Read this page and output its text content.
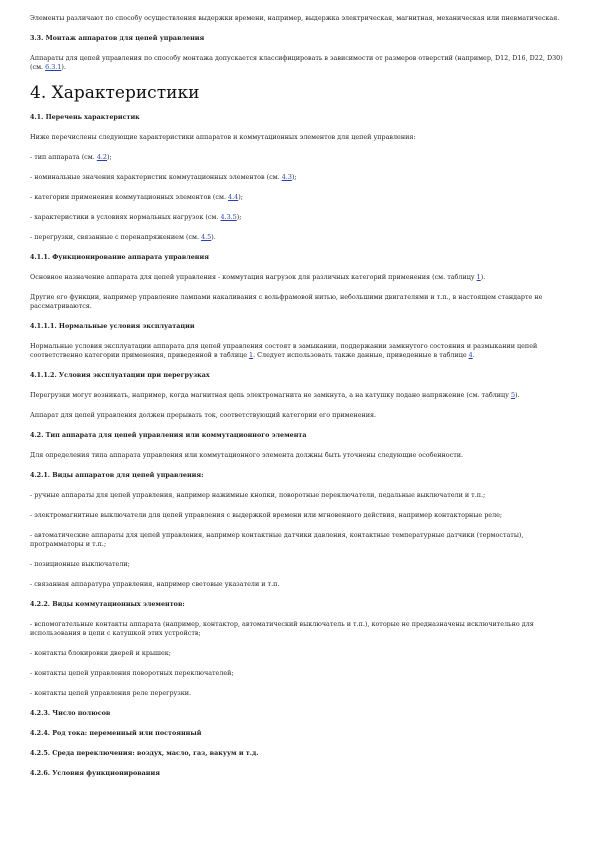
Элементы различают по способу осуществления выдержки времени, например, выдержка электрическая, магнитная, механическая или пневматическая.
3.3. Монтаж аппаратов для цепей управления
Аппараты для цепей управления по способу монтажа допускается классифицировать в зависимости от размеров отверстий (например, D12, D16, D22, D30) (см. 6.3.1).
4. Характеристики
4.1. Перечень характеристик
Ниже перечислены следующие характеристики аппаратов и коммутационных элементов для цепей управления:
- тип аппарата (см. 4.2);
- номинальные значения характеристик коммутационных элементов (см. 4.3);
- категории применения коммутационных элементов (см. 4.4);
- характеристики в условиях нормальных нагрузок (см. 4.3.5);
- перегрузки, связанные с перенапряжением (см. 4.5).
4.1.1. Функционирование аппарата управления
Основное назначение аппарата для цепей управления - коммутация нагрузок для различных категорий применения (см. таблицу 1).
Другие его функции, например управление лампами накаливания с вольфрамовой нитью, небольшими двигателями и т.п., в настоящем стандарте не рассматриваются.
4.1.1.1. Нормальные условия эксплуатации
Нормальные условия эксплуатации аппарата для цепей управления состоят в замыкании, поддержании замкнутого состояния и размыкании цепей соответственно категории применения, приведенной в таблице 1. Следует использовать также данные, приведенные в таблице 4.
4.1.1.2. Условия эксплуатации при перегрузках
Перегрузки могут возникать, например, когда магнитная цепь электромагнита не замкнута, а на катушку подано напряжение (см. таблицу 5).
Аппарат для цепей управления должен прерывать ток, соответствующий категории его применения.
4.2. Тип аппарата для цепей управления или коммутационного элемента
Для определения типа аппарата управления или коммутационного элемента должны быть уточнены следующие особенности.
4.2.1. Виды аппаратов для цепей управления:
- ручные аппараты для цепей управления, например нажимные кнопки, поворотные переключатели, педальные выключатели и т.п.;
- электромагнитные выключатели для цепей управления с выдержкой времени или мгновенного действия, например контакторные реле;
- автоматические аппараты для цепей управления, например контактные датчики давления, контактные температурные датчики (термостаты), программаторы и т.п.;
- позиционные выключатели;
- связанная аппаратура управления, например световые указатели и т.п.
4.2.2. Виды коммутационных элементов:
- вспомогательные контакты аппарата (например, контактор, автоматический выключатель и т.п.), которые не предназначены исключительно для использования в цепи с катушкой этих устройств;
- контакты блокировки дверей и крышек;
- контакты цепей управления поворотных переключателей;
- контакты цепей управления реле перегрузки.
4.2.3. Число полюсов
4.2.4. Род тока: переменный или постоянный
4.2.5. Среда переключения: воздух, масло, газ, вакуум и т.д.
4.2.6. Условия функционирования
